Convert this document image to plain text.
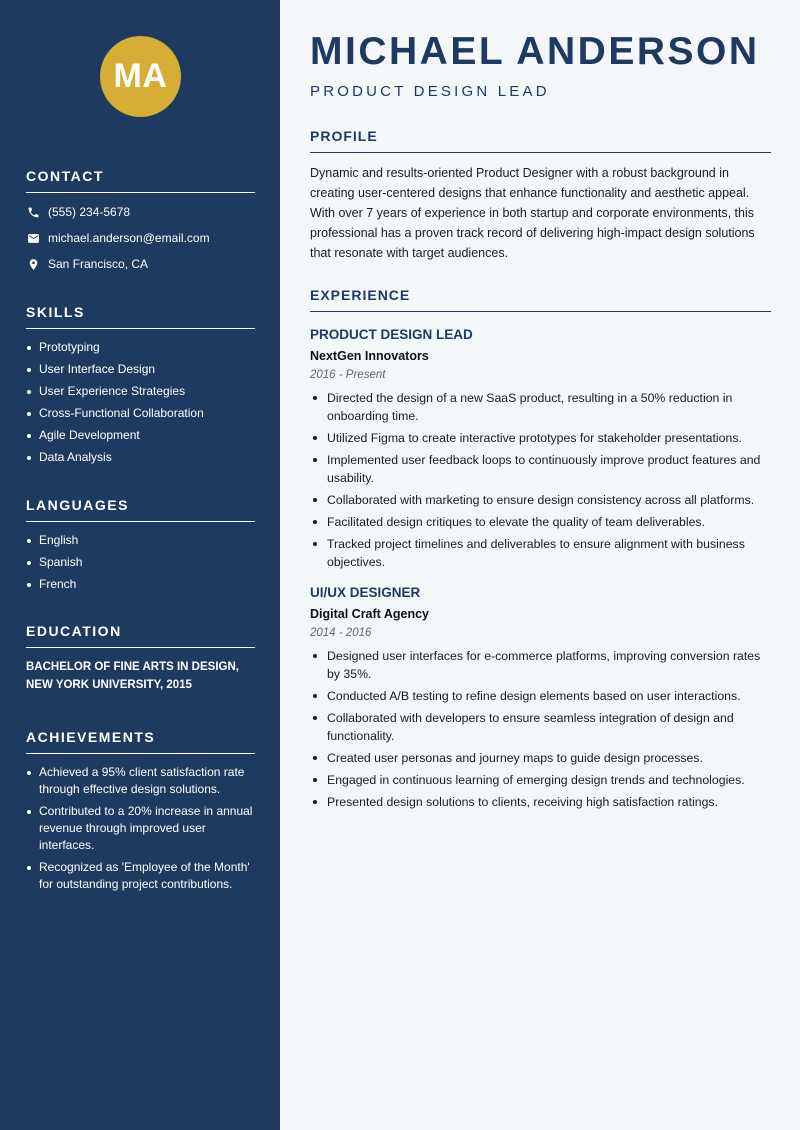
MA
CONTACT
(555) 234-5678
michael.anderson@email.com
San Francisco, CA
SKILLS
Prototyping
User Interface Design
User Experience Strategies
Cross-Functional Collaboration
Agile Development
Data Analysis
LANGUAGES
English
Spanish
French
EDUCATION
BACHELOR OF FINE ARTS IN DESIGN,
NEW YORK UNIVERSITY, 2015
ACHIEVEMENTS
Achieved a 95% client satisfaction rate through effective design solutions.
Contributed to a 20% increase in annual revenue through improved user interfaces.
Recognized as 'Employee of the Month' for outstanding project contributions.
MICHAEL ANDERSON
PRODUCT DESIGN LEAD
PROFILE

Dynamic and results-oriented Product Designer with a robust background in creating user-centered designs that enhance functionality and aesthetic appeal. With over 7 years of experience in both startup and corporate environments, this professional has a proven track record of delivering high-impact design solutions that resonate with target audiences.

EXPERIENCE
PRODUCT DESIGN LEAD
NextGen Innovators
2016 - Present
Directed the design of a new SaaS product, resulting in a 50% reduction in onboarding time.
Utilized Figma to create interactive prototypes for stakeholder presentations.
Implemented user feedback loops to continuously improve product features and usability.
Collaborated with marketing to ensure design consistency across all platforms.
Facilitated design critiques to elevate the quality of team deliverables.
Tracked project timelines and deliverables to ensure alignment with business objectives.
UI/UX DESIGNER
Digital Craft Agency
2014 - 2016
Designed user interfaces for e-commerce platforms, improving conversion rates by 35%.
Conducted A/B testing to refine design elements based on user interactions.
Collaborated with developers to ensure seamless integration of design and functionality.
Created user personas and journey maps to guide design processes.
Engaged in continuous learning of emerging design trends and technologies.
Presented design solutions to clients, receiving high satisfaction ratings.
